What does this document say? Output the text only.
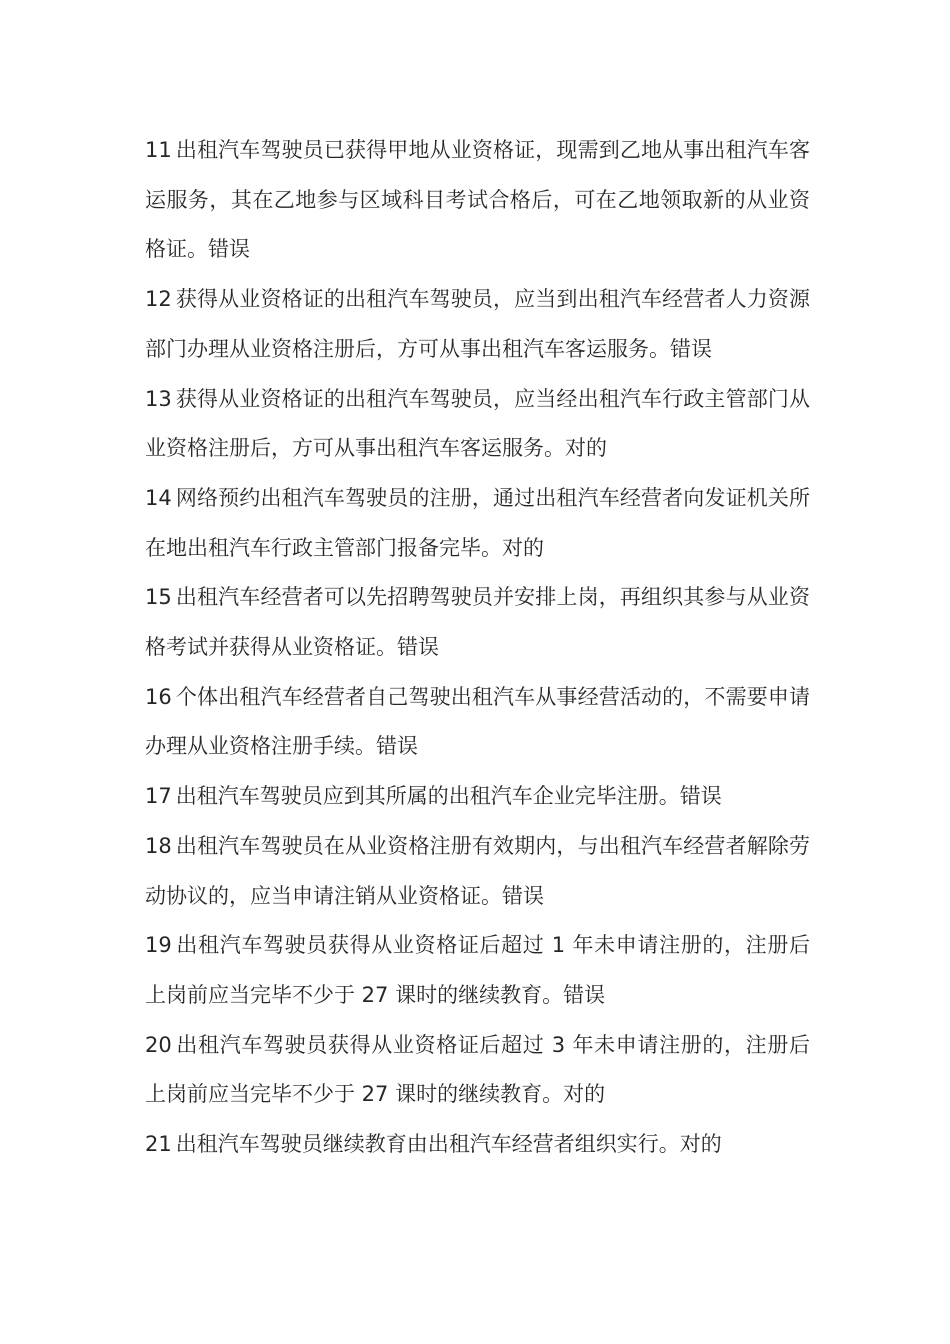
11 出租汽车驾驶员已获得甲地从业资格证，现需到乙地从事出租汽车客运服务，其在乙地参与区域科目考试合格后，可在乙地领取新的从业资格证。错误

12 获得从业资格证的出租汽车驾驶员，应当到出租汽车经营者人力资源部门办理从业资格注册后，方可从事出租汽车客运服务。错误

13 获得从业资格证的出租汽车驾驶员，应当经出租汽车行政主管部门从业资格注册后，方可从事出租汽车客运服务。对的

14 网络预约出租汽车驾驶员的注册，通过出租汽车经营者向发证机关所在地出租汽车行政主管部门报备完毕。对的

15 出租汽车经营者可以先招聘驾驶员并安排上岗，再组织其参与从业资格考试并获得从业资格证。错误

16 个体出租汽车经营者自己驾驶出租汽车从事经营活动的，不需要申请办理从业资格注册手续。错误

17 出租汽车驾驶员应到其所属的出租汽车企业完毕注册。错误

18 出租汽车驾驶员在从业资格注册有效期内，与出租汽车经营者解除劳动协议的，应当申请注销从业资格证。错误

19 出租汽车驾驶员获得从业资格证后超过 1 年未申请注册的，注册后上岗前应当完毕不少于 27 课时的继续教育。错误

20 出租汽车驾驶员获得从业资格证后超过 3 年未申请注册的，注册后上岗前应当完毕不少于 27 课时的继续教育。对的

21 出租汽车驾驶员继续教育由出租汽车经营者组织实行。对的
